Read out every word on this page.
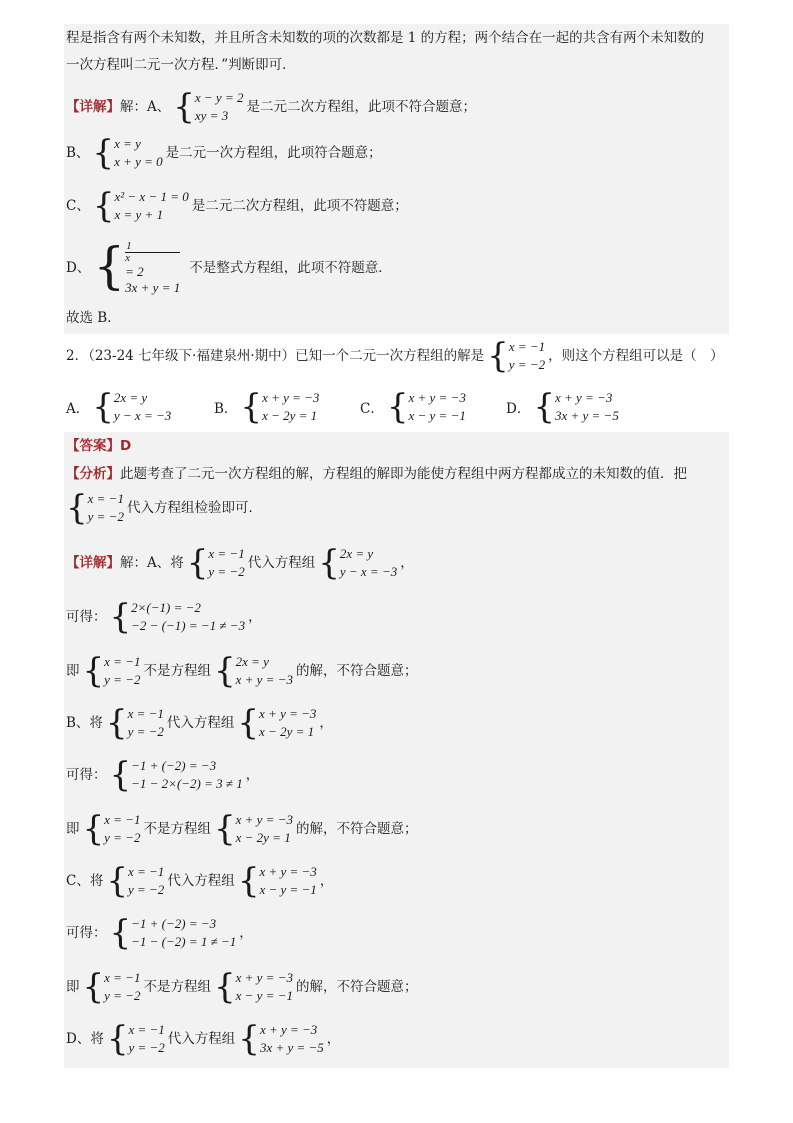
程是指含有两个未知数，并且所含未知数的项的次数都是 1 的方程；两个结合在一起的共含有两个未知数的
一次方程叫二元一次方程．”判断即可．
【详解】 解：A、 { x − y = 2
xy = 3
是二元二次方程组，此项不符合题意；
B、 { x = y
x + y = 0
是二元一次方程组，此项符合题意；
C、 { x² − x − 1 = 0
x = y + 1
是二元二次方程组，此项不符题意；
D、 { 1
x
= 2
3x + y = 1
不是整式方程组，此项不符题意．
故选 B．
2．（23-24 七年级下·福建泉州·期中）已知一个二元一次方程组的解是 { x = −1
y = −2
，则这个方程组可以是（　）
A． { 2x = y
y − x = −3	B． { x + y = −3
x − 2y = 1	C． { x + y = −3
x − y = −1	D． { x + y = −3
3x + y = −5
【答案】 D
【分析】 此题考查了二元一次方程组的解，方程组的解即为能使方程组中两方程都成立的未知数的值．把
{ x = −1
y = −2
代入方程组检验即可．
【详解】 解：A、将 { x = −1
y = −2
代入方程组 { 2x = y
y − x = −3
，
可得： { 2×(−1) = −2
−2 − (−1) = −1 ≠ −3
，
即 { x = −1
y = −2
不是方程组 { 2x = y
x + y = −3
的解，不符合题意；
B、将 { x = −1
y = −2
代入方程组 { x + y = −3
x − 2y = 1
，
可得： { −1 + (−2) = −3
−1 − 2×(−2) = 3 ≠ 1
，
即 { x = −1
y = −2
不是方程组 { x + y = −3
x − 2y = 1
的解，不符合题意；
C、将 { x = −1
y = −2
代入方程组 { x + y = −3
x − y = −1
，
可得： { −1 + (−2) = −3
−1 − (−2) = 1 ≠ −1
，
即 { x = −1
y = −2
不是方程组 { x + y = −3
x − y = −1
的解，不符合题意；
D、将 { x = −1
y = −2
代入方程组 { x + y = −3
3x + y = −5
，
